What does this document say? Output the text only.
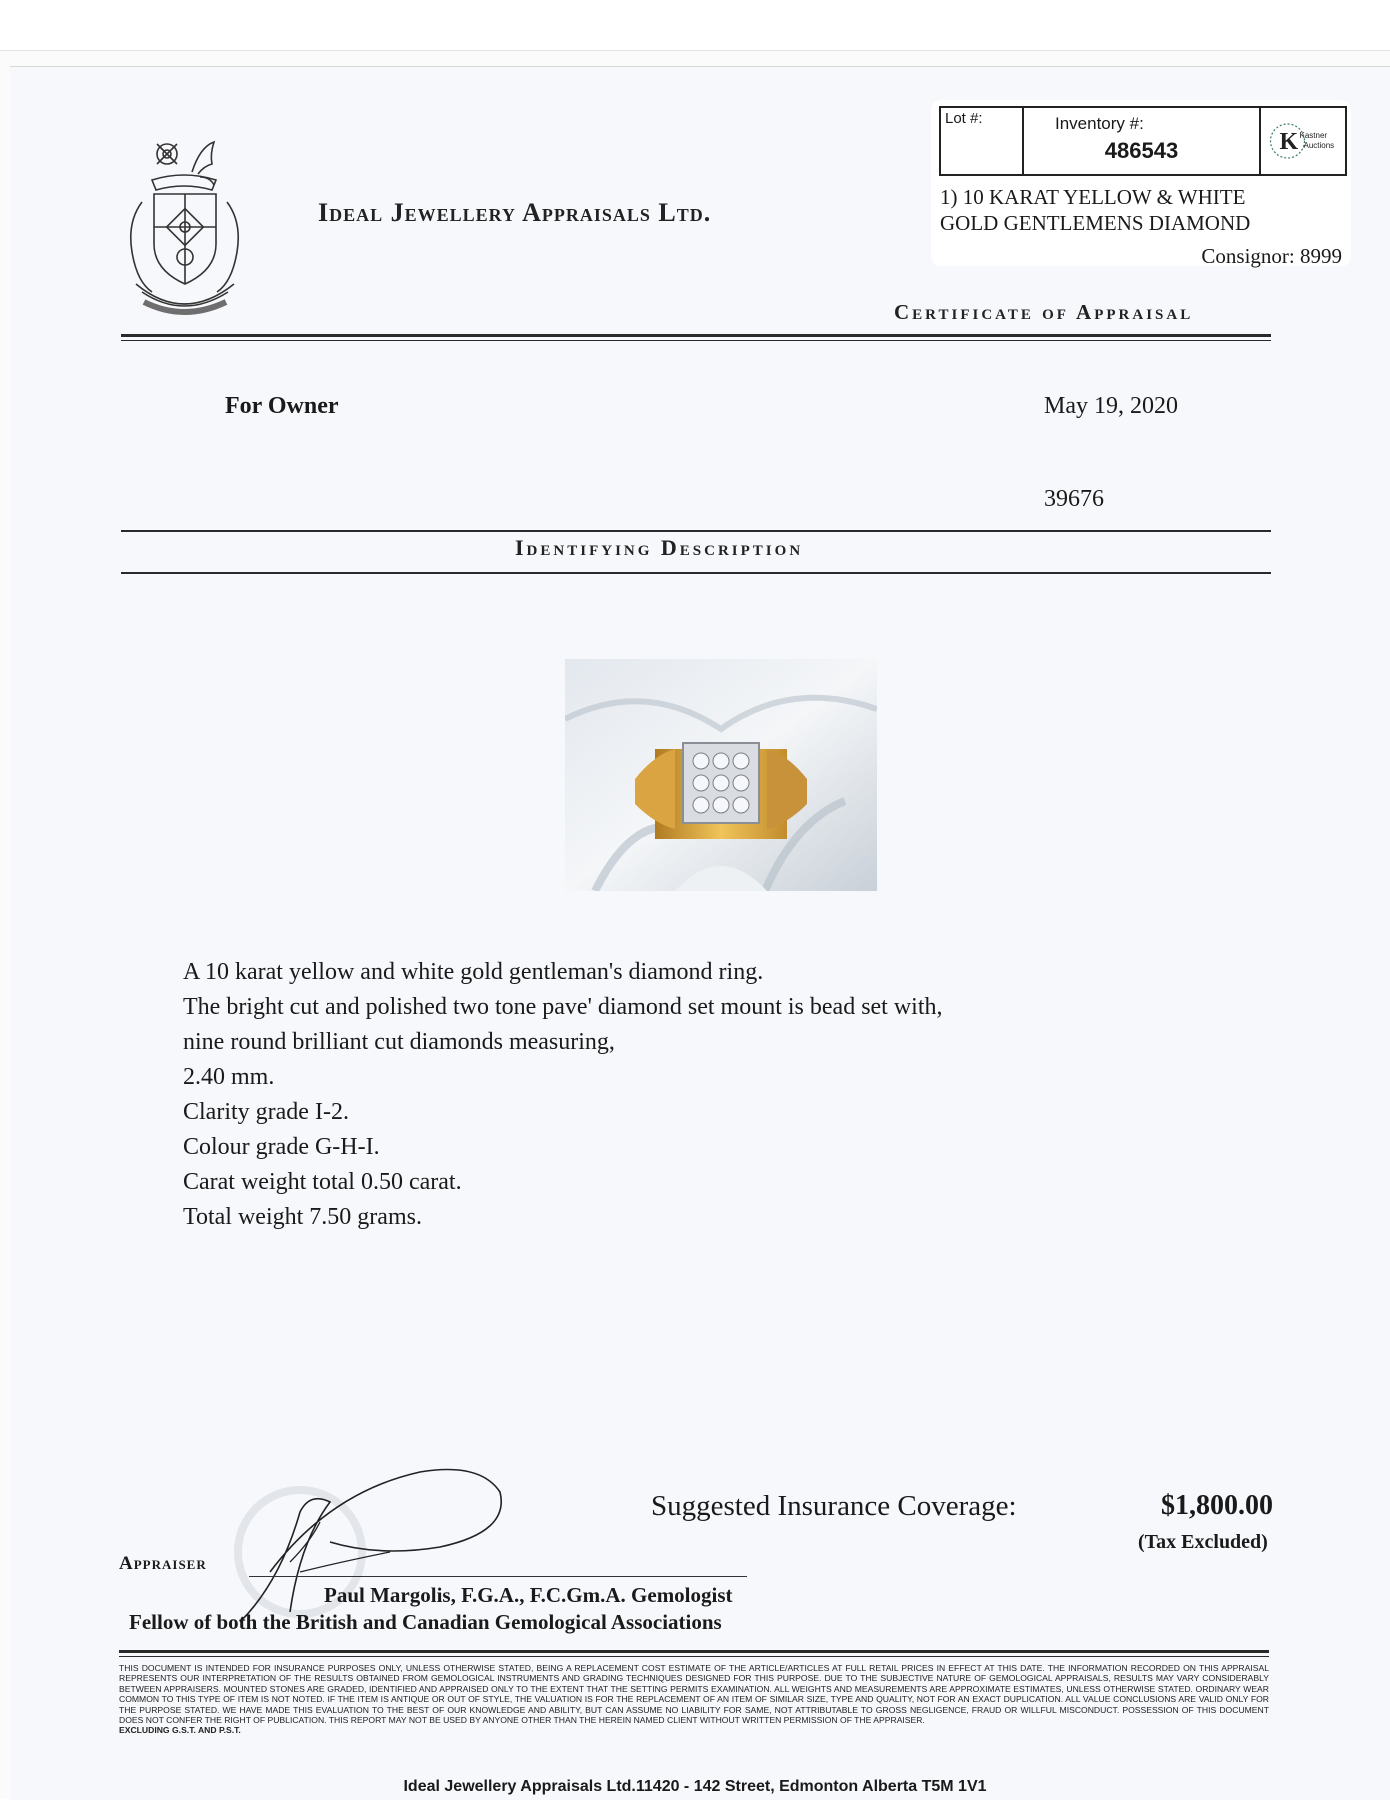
Ideal Jewellery Appraisals Ltd.
Lot #:	Inventory #:
486543	K Kastner
Auctions
1) 10 KARAT YELLOW & WHITE
GOLD GENTLEMENS DIAMOND
Consignor: 8999
Certificate of Appraisal
For Owner	May 19, 2020
39676
Identifying Description
A 10 karat yellow and white gold gentleman's diamond ring.
The bright cut and polished two tone pave' diamond set mount is bead set with,
nine round brilliant cut diamonds measuring,
2.40 mm.
Clarity grade I-2.
Colour grade G-H-I.
Carat weight total 0.50 carat.
Total weight 7.50 grams.
Suggested Insurance Coverage:	$1,800.00
(Tax Excluded)
Appraiser
Paul Margolis, F.G.A., F.C.Gm.A. Gemologist
Fellow of both the British and Canadian Gemological Associations
THIS DOCUMENT IS INTENDED FOR INSURANCE PURPOSES ONLY, UNLESS OTHERWISE STATED, BEING A REPLACEMENT COST ESTIMATE OF THE ARTICLE/ARTICLES AT FULL RETAIL PRICES IN EFFECT AT THIS DATE. THE INFORMATION RECORDED ON THIS APPRAISAL REPRESENTS OUR INTERPRETATION OF THE RESULTS OBTAINED FROM GEMOLOGICAL INSTRUMENTS AND GRADING TECHNIQUES DESIGNED FOR THIS PURPOSE. DUE TO THE SUBJECTIVE NATURE OF GEMOLOGICAL APPRAISALS, RESULTS MAY VARY CONSIDERABLY BETWEEN APPRAISERS. MOUNTED STONES ARE GRADED, IDENTIFIED AND APPRAISED ONLY TO THE EXTENT THAT THE SETTING PERMITS EXAMINATION. ALL WEIGHTS AND MEASUREMENTS ARE APPROXIMATE ESTIMATES, UNLESS OTHERWISE STATED. ORDINARY WEAR COMMON TO THIS TYPE OF ITEM IS NOT NOTED. IF THE ITEM IS ANTIQUE OR OUT OF STYLE, THE VALUATION IS FOR THE REPLACEMENT OF AN ITEM OF SIMILAR SIZE, TYPE AND QUALITY, NOT FOR AN EXACT DUPLICATION. ALL VALUE CONCLUSIONS ARE VALID ONLY FOR THE PURPOSE STATED. WE HAVE MADE THIS EVALUATION TO THE BEST OF OUR KNOWLEDGE AND ABILITY, BUT CAN ASSUME NO LIABILITY FOR SAME, NOT ATTRIBUTABLE TO GROSS NEGLIGENCE, FRAUD OR WILLFUL MISCONDUCT. POSSESSION OF THIS DOCUMENT DOES NOT CONFER THE RIGHT OF PUBLICATION. THIS REPORT MAY NOT BE USED BY ANYONE OTHER THAN THE HEREIN NAMED CLIENT WITHOUT WRITTEN PERMISSION OF THE APPRAISER.
EXCLUDING G.S.T. AND P.S.T.
Ideal Jewellery Appraisals Ltd.11420 - 142 Street, Edmonton Alberta T5M 1V1
